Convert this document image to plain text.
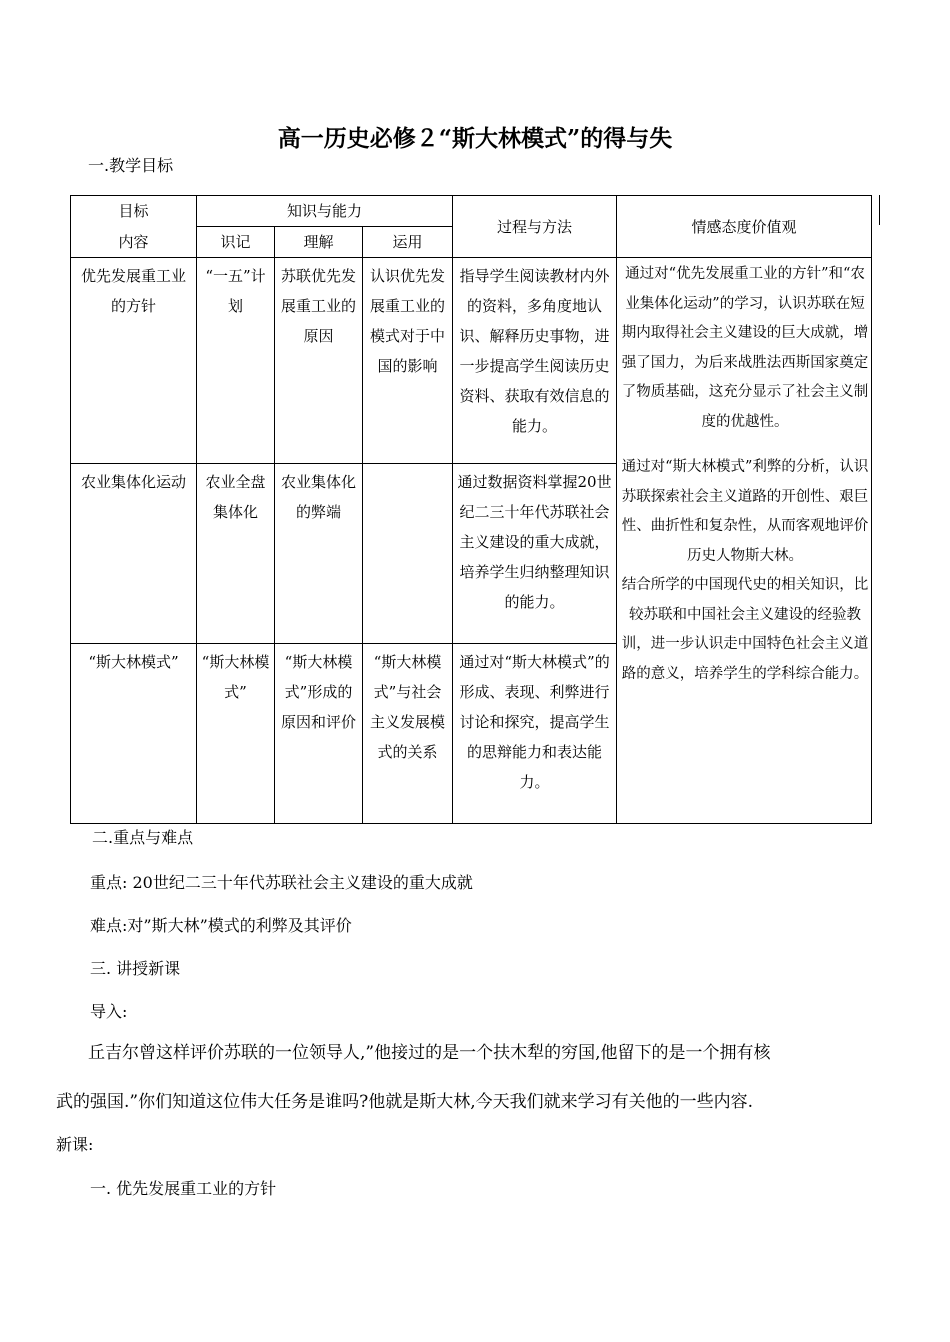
高一历史必修２“斯大林模式”的得与失
一.教学目标
目标	知识与能力			过程与方法	情感态度价值观
内容	识记	理解	运用		

优先发展重工业的方针	“一五”计划	苏联优先发展重工业的原因	认识优先发展重工业的模式对于中国的影响	指导学生阅读教材内外的资料，多角度地认识、解释历史事物，进一步提高学生阅读历史资料、获取有效信息的能力。	通过对“优先发展重工业的方针”和“农业集体化运动”的学习，认识苏联在短期内取得社会主义建设的巨大成就，增强了国力，为后来战胜法西斯国家奠定了物质基础，这充分显示了社会主义制度的优越性。
通过对“斯大林模式”利弊的分析，认识苏联探索社会主义道路的开创性、艰巨性、曲折性和复杂性，从而客观地评价历史人物斯大林。
结合所学的中国现代史的相关知识，比较苏联和中国社会主义建设的经验教训，进一步认识走中国特色社会主义道路的意义，培养学生的学科综合能力。

农业集体化运动	农业全盘集体化	农业集体化的弊端		通过数据资料掌握20世纪二三十年代苏联社会主义建设的重大成就，培养学生归纳整理知识的能力。	

“斯大林模式”	“斯大林模式”	“斯大林模式”形成的原因和评价	“斯大林模式”与社会主义发展模式的关系	通过对“斯大林模式”的形成、表现、利弊进行讨论和探究，提高学生的思辩能力和表达能力。	
二.重点与难点
重点: 20世纪二三十年代苏联社会主义建设的重大成就
难点:对”斯大林”模式的利弊及其评价
三. 讲授新课
导入:
丘吉尔曾这样评价苏联的一位领导人,”他接过的是一个扶木犁的穷国,他留下的是一个拥有核
武的强国.”你们知道这位伟大任务是谁吗?他就是斯大林,今天我们就来学习有关他的一些内容.
新课:
一. 优先发展重工业的方针
